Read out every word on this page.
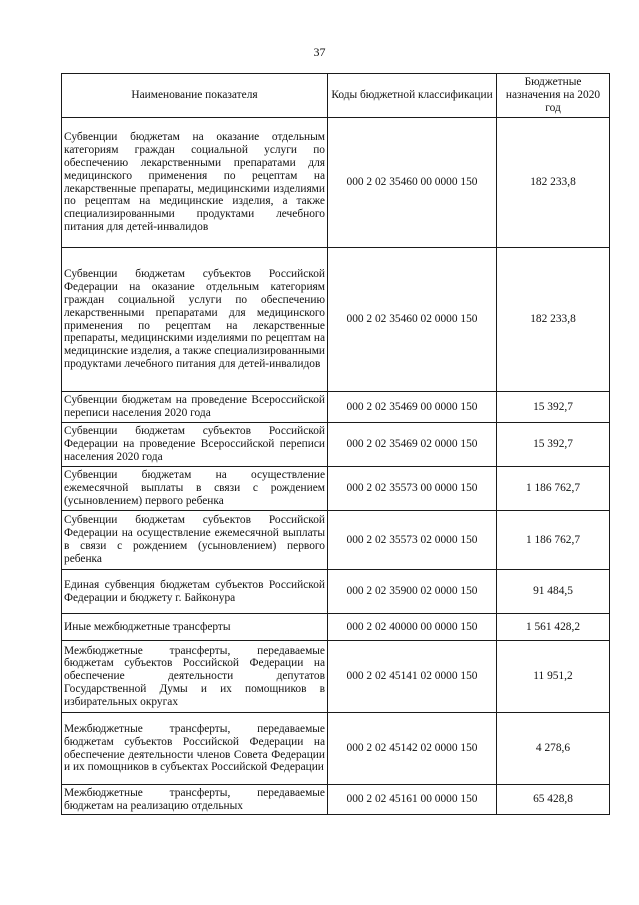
37
Наименование показателя	Коды бюджетной классификации	Бюджетные назначения на 2020 год
Субвенции бюджетам на оказание отдельным категориям граждан социальной услуги по обеспечению лекарственными препаратами для медицинского применения по рецептам на лекарственные препараты, медицинскими изделиями по рецептам на медицинские изделия, а также специализированными продуктами лечебного питания для детей-инвалидов	000 2 02 35460 00 0000 150	182 233,8
Субвенции бюджетам субъектов Российской Федерации на оказание отдельным категориям граждан социальной услуги по обеспечению лекарственными препаратами для медицинского применения по рецептам на лекарственные препараты, медицинскими изделиями по рецептам на медицинские изделия, а также специализированными продуктами лечебного питания для детей-инвалидов	000 2 02 35460 02 0000 150	182 233,8
Субвенции бюджетам на проведение Всероссийской переписи населения 2020 года	000 2 02 35469 00 0000 150	15 392,7
Субвенции бюджетам субъектов Российской Федерации на проведение Всероссийской переписи населения 2020 года	000 2 02 35469 02 0000 150	15 392,7
Субвенции бюджетам на осуществление ежемесячной выплаты в связи с рождением (усыновлением) первого ребенка	000 2 02 35573 00 0000 150	1 186 762,7
Субвенции бюджетам субъектов Российской Федерации на осуществление ежемесячной выплаты в связи с рождением (усыновлением) первого ребенка	000 2 02 35573 02 0000 150	1 186 762,7
Единая субвенция бюджетам субъектов Российской Федерации и бюджету г. Байконура	000 2 02 35900 02 0000 150	91 484,5
Иные межбюджетные трансферты	000 2 02 40000 00 0000 150	1 561 428,2
Межбюджетные трансферты, передаваемые бюджетам субъектов Российской Федерации на обеспечение деятельности депутатов Государственной Думы и их помощников в избирательных округах	000 2 02 45141 02 0000 150	11 951,2
Межбюджетные трансферты, передаваемые бюджетам субъектов Российской Федерации на обеспечение деятельности членов Совета Федерации и их помощников в субъектах Российской Федерации	000 2 02 45142 02 0000 150	4 278,6
Межбюджетные трансферты, передаваемые бюджетам на реализацию отдельных	000 2 02 45161 00 0000 150	65 428,8
